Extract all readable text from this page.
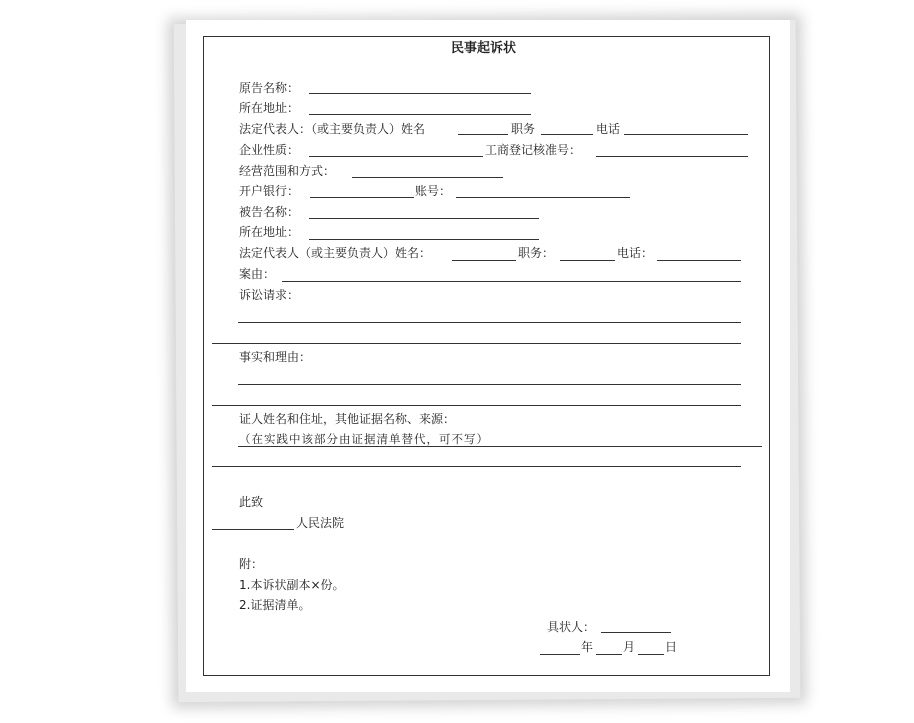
民事起诉状
原告名称：
所在地址：
法定代表人：（或主要负责人）姓名	职务	电话
企业性质：	工商登记核准号：
经营范围和方式：
开户银行：	账号：
被告名称：
所在地址：
法定代表人（或主要负责人）姓名：	职务：	电话：
案由：
诉讼请求：
事实和理由：
证人姓名和住址，其他证据名称、来源：
（在实践中该部分由证据清单替代，可不写）
此致
人民法院
附：
1.本诉状副本×份。
2.证据清单。
具状人：
年 月 日
